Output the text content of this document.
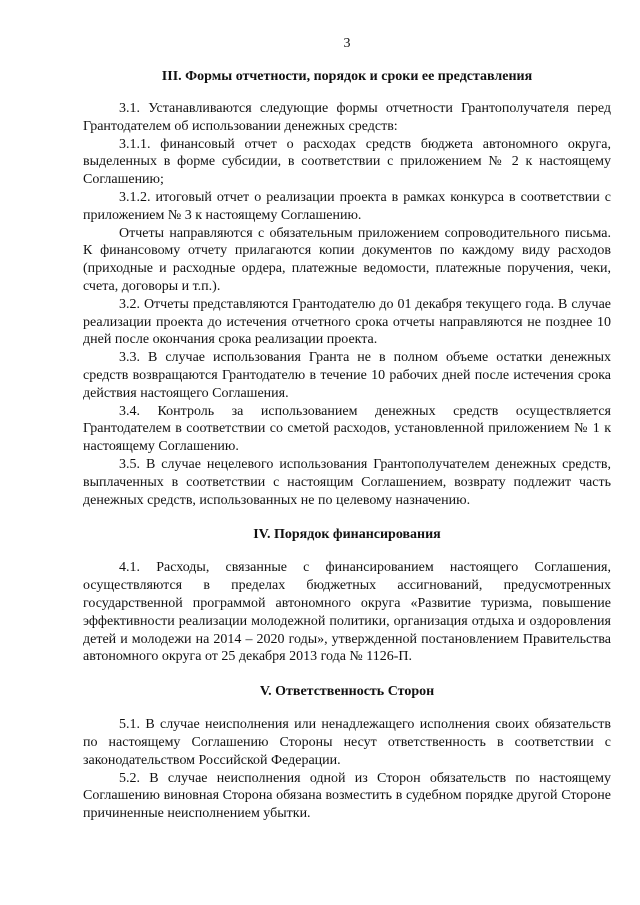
3
III. Формы отчетности, порядок и сроки ее представления

3.1. Устанавливаются следующие формы отчетности Грантополучателя перед Грантодателем об использовании денежных средств:

3.1.1. финансовый отчет о расходах средств бюджета автономного округа, выделенных в форме субсидии, в соответствии с приложением № 2 к настоящему Соглашению;

3.1.2. итоговый отчет о реализации проекта в рамках конкурса в соответствии с приложением № 3 к настоящему Соглашению.

Отчеты направляются с обязательным приложением сопроводительного письма. К финансовому отчету прилагаются копии документов по каждому виду расходов (приходные и расходные ордера, платежные ведомости, платежные поручения, чеки, счета, договоры и т.п.).

3.2. Отчеты представляются Грантодателю до 01 декабря текущего года. В случае реализации проекта до истечения отчетного срока отчеты направляются не позднее 10 дней после окончания срока реализации проекта.

3.3. В случае использования Гранта не в полном объеме остатки денежных средств возвращаются Грантодателю в течение 10 рабочих дней после истечения срока действия настоящего Соглашения.

3.4. Контроль за использованием денежных средств осуществляется Грантодателем в соответствии со сметой расходов, установленной приложением № 1 к настоящему Соглашению.

3.5. В случае нецелевого использования Грантополучателем денежных средств, выплаченных в соответствии с настоящим Соглашением, возврату подлежит часть денежных средств, использованных не по целевому назначению.

IV. Порядок финансирования

4.1. Расходы, связанные с финансированием настоящего Соглашения, осуществляются в пределах бюджетных ассигнований, предусмотренных государственной программой автономного округа «Развитие туризма, повышение эффективности реализации молодежной политики, организация отдыха и оздоровления детей и молодежи на 2014 – 2020 годы», утвержденной постановлением Правительства автономного округа от 25 декабря 2013 года № 1126-П.

V. Ответственность Сторон

5.1. В случае неисполнения или ненадлежащего исполнения своих обязательств по настоящему Соглашению Стороны несут ответственность в соответствии с законодательством Российской Федерации.

5.2. В случае неисполнения одной из Сторон обязательств по настоящему Соглашению виновная Сторона обязана возместить в судебном порядке другой Стороне причиненные неисполнением убытки.
